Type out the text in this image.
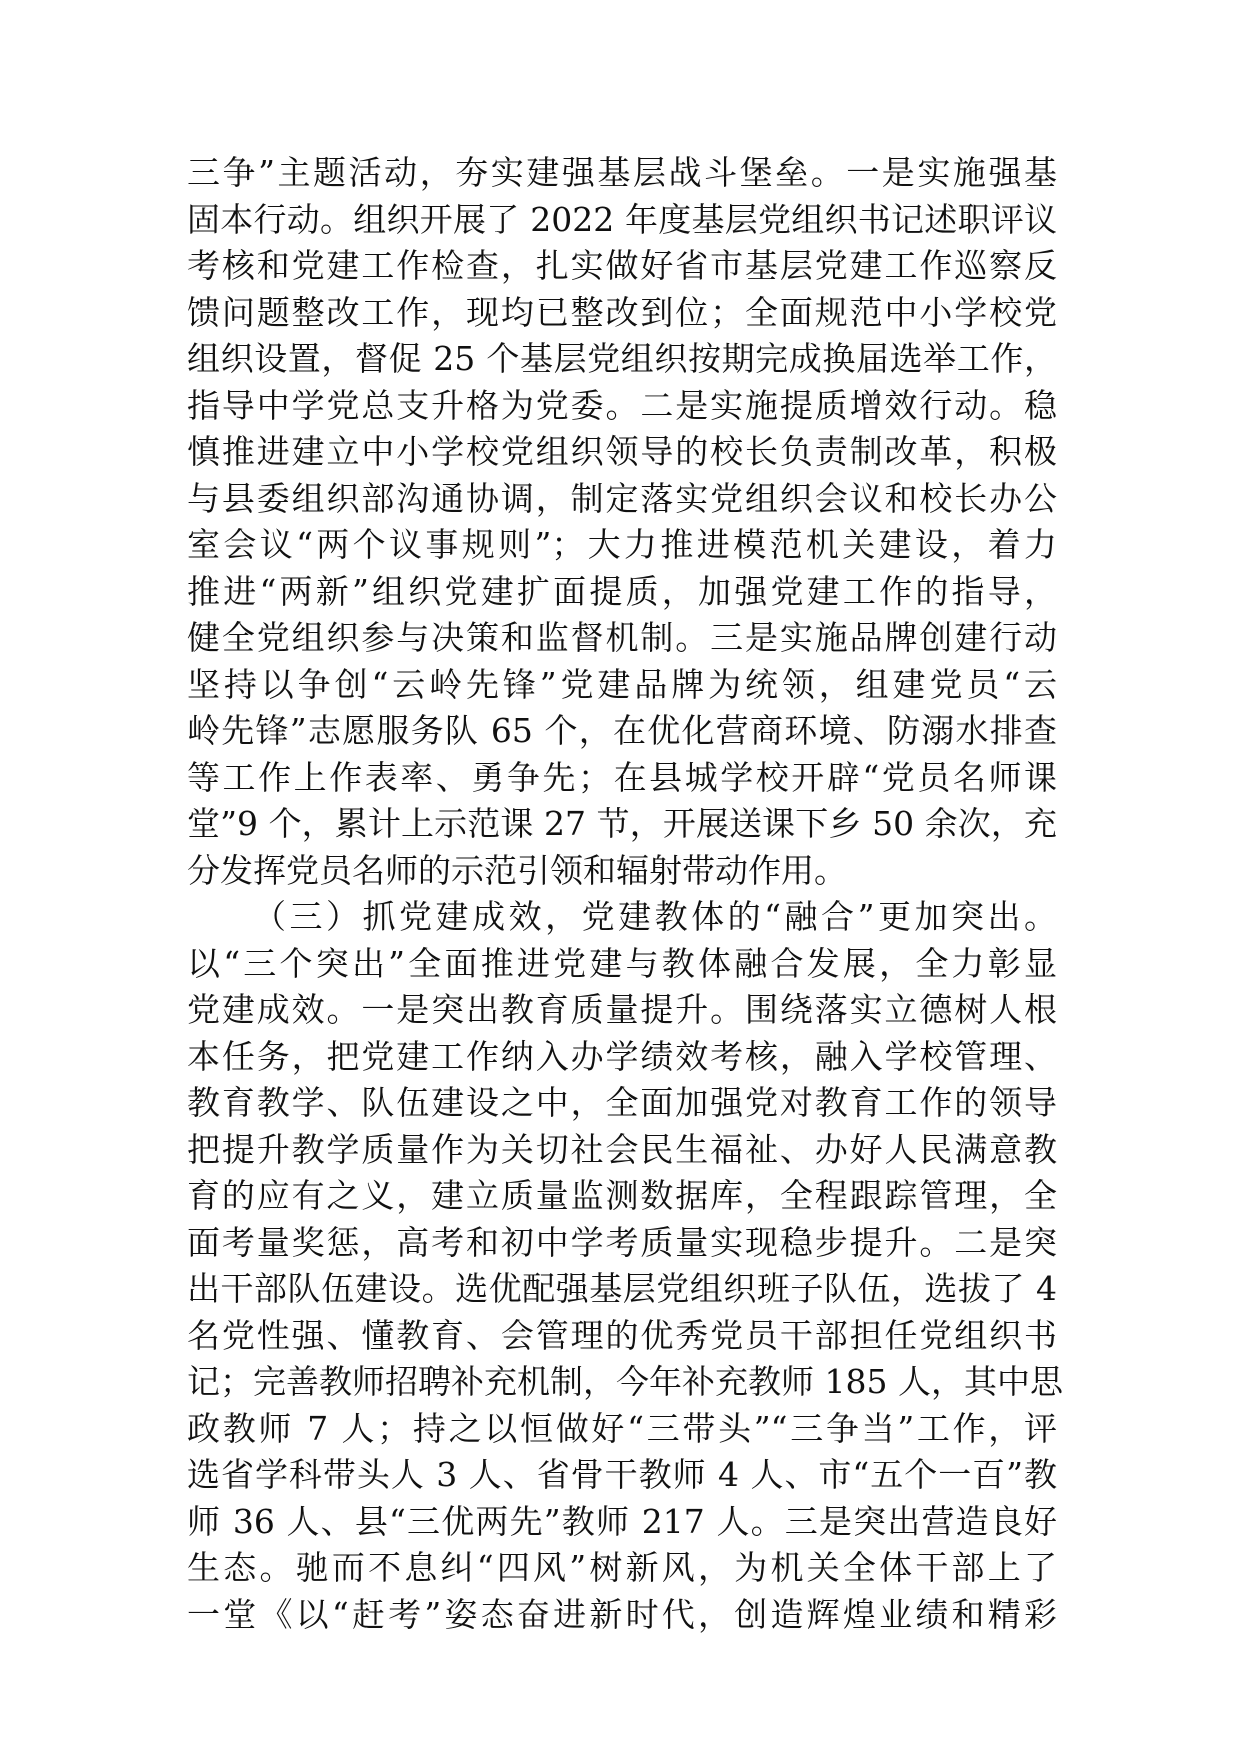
三争”主题活动，夯实建强基层战斗堡垒。一是实施强基
固本行动。组织开展了 2022 年度基层党组织书记述职评议
考核和党建工作检查，扎实做好省市基层党建工作巡察反
馈问题整改工作，现均已整改到位；全面规范中小学校党
组织设置，督促 25 个基层党组织按期完成换届选举工作，
指导中学党总支升格为党委。二是实施提质增效行动。稳
慎推进建立中小学校党组织领导的校长负责制改革，积极
与县委组织部沟通协调，制定落实党组织会议和校长办公
室会议“两个议事规则”；大力推进模范机关建设，着力
推进“两新”组织党建扩面提质，加强党建工作的指导，
健全党组织参与决策和监督机制。三是实施品牌创建行动
坚持以争创“云岭先锋”党建品牌为统领，组建党员“云
岭先锋”志愿服务队 65 个，在优化营商环境、防溺水排查
等工作上作表率、勇争先；在县城学校开辟“党员名师课
堂”9 个，累计上示范课 27 节，开展送课下乡 50 余次，充
分发挥党员名师的示范引领和辐射带动作用。
（三）抓党建成效，党建教体的“融合”更加突出。
以“三个突出”全面推进党建与教体融合发展，全力彰显
党建成效。一是突出教育质量提升。围绕落实立德树人根
本任务，把党建工作纳入办学绩效考核，融入学校管理、
教育教学、队伍建设之中，全面加强党对教育工作的领导
把提升教学质量作为关切社会民生福祉、办好人民满意教
育的应有之义，建立质量监测数据库，全程跟踪管理，全
面考量奖惩，高考和初中学考质量实现稳步提升。二是突
出干部队伍建设。选优配强基层党组织班子队伍，选拔了 4
名党性强、懂教育、会管理的优秀党员干部担任党组织书
记；完善教师招聘补充机制，今年补充教师 185 人，其中思
政教师 7 人；持之以恒做好“三带头”“三争当”工作，评
选省学科带头人 3 人、省骨干教师 4 人、市“五个一百”教
师 36 人、县“三优两先”教师 217 人。三是突出营造良好
生态。驰而不息纠“四风”树新风，为机关全体干部上了
一堂《以“赶考”姿态奋进新时代，创造辉煌业绩和精彩
